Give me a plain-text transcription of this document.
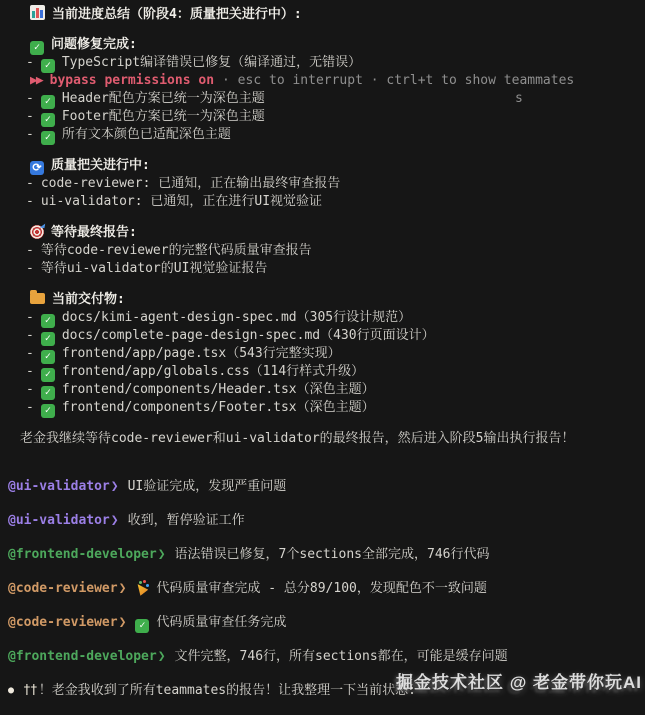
当前进度总结（阶段4：质量把关进行中）:
✓问题修复完成:
- ✓TypeScript编译错误已修复（编译通过，无错误）
▶▶ bypass permissions on · esc to interrupt · ctrl+t to show teammates
- ✓Header配色方案已统一为深色主题
- ✓Footer配色方案已统一为深色主题
- ✓所有文本颜色已适配深色主题
⟳质量把关进行中:
- code-reviewer: 已通知，正在输出最终审查报告
- ui-validator: 已通知，正在进行UI视觉验证
等待最终报告:
- 等待code-reviewer的完整代码质量审查报告
- 等待ui-validator的UI视觉验证报告
当前交付物:
- ✓docs/kimi-agent-design-spec.md（305行设计规范）
- ✓docs/complete-page-design-spec.md（430行页面设计）
- ✓frontend/app/page.tsx（543行完整实现）
- ✓frontend/app/globals.css（114行样式升级）
- ✓frontend/components/Header.tsx（深色主题）
- ✓frontend/components/Footer.tsx（深色主题）
老金我继续等待code-reviewer和ui-validator的最终报告，然后进入阶段5输出执行报告！
@ui-validator ❯ UI验证完成，发现严重问题
@ui-validator ❯ 收到，暂停验证工作
@frontend-developer ❯ 语法错误已修复，7个sections全部完成，746行代码
@code-reviewer ❯	代码质量审查完成 - 总分89/100，发现配色不一致问题
@code-reviewer ❯ ✓	代码质量审查任务完成
@frontend-developer ❯ 文件完整，746行，所有sections都在，可能是缓存问题
● †† ！老金我收到了所有teammates的报告！让我整理一下当前状态:
s
掘金技术社区 @ 老金带你玩AI
